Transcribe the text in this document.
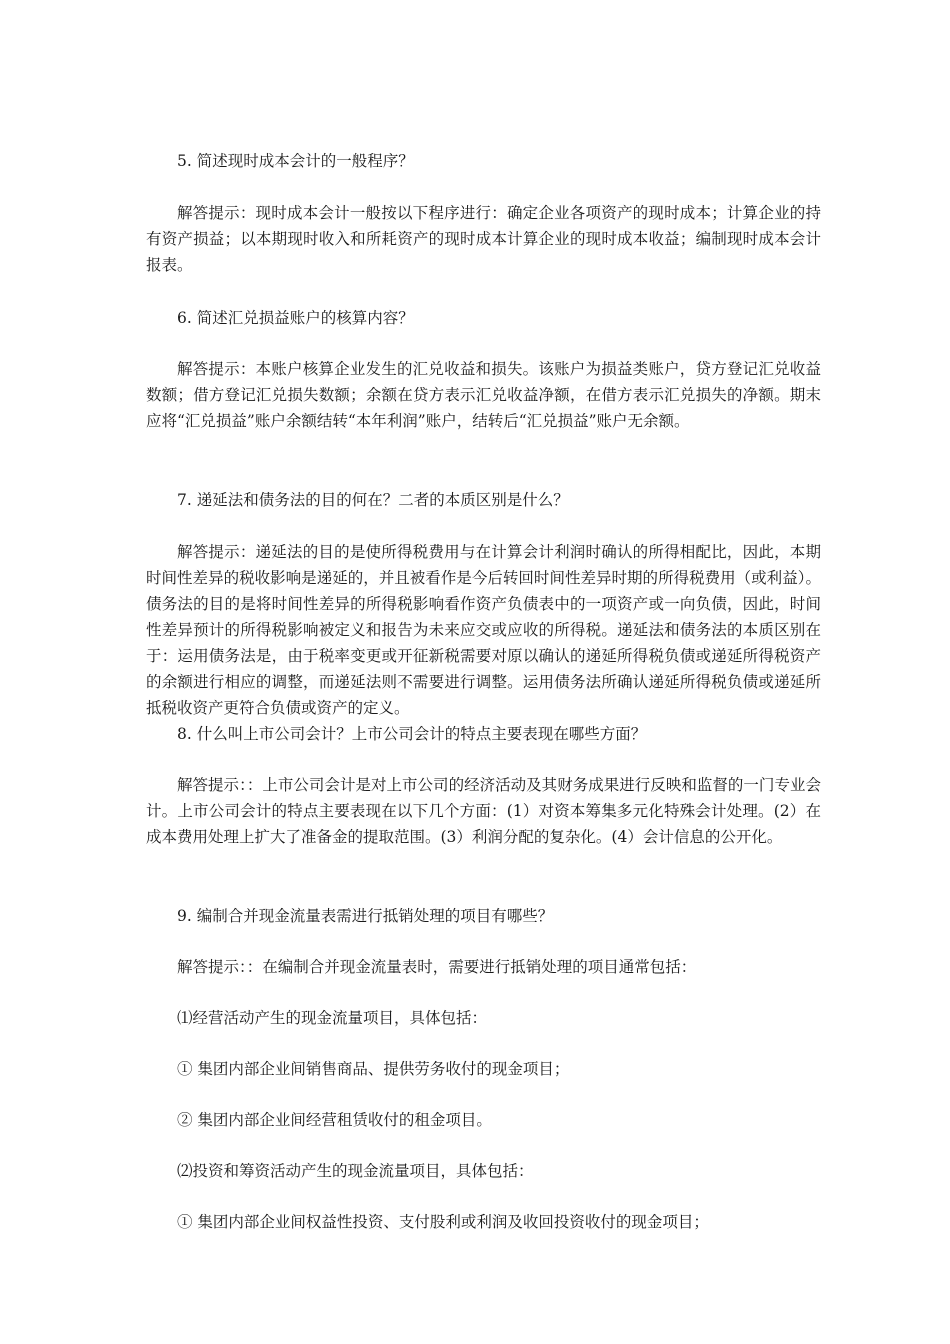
5. 简述现时成本会计的一般程序？

解答提示：现时成本会计一般按以下程序进行：确定企业各项资产的现时成本；计算企业的持有资产损益；以本期现时收入和所耗资产的现时成本计算企业的现时成本收益；编制现时成本会计报表。

6. 简述汇兑损益账户的核算内容？

解答提示：本账户核算企业发生的汇兑收益和损失。该账户为损益类账户，贷方登记汇兑收益数额；借方登记汇兑损失数额；余额在贷方表示汇兑收益净额，在借方表示汇兑损失的净额。期末应将“汇兑损益”账户余额结转“本年利润”账户，结转后“汇兑损益”账户无余额。

7. 递延法和债务法的目的何在？二者的本质区别是什么？

解答提示：递延法的目的是使所得税费用与在计算会计利润时确认的所得相配比，因此，本期时间性差异的税收影响是递延的，并且被看作是今后转回时间性差异时期的所得税费用（或利益）。债务法的目的是将时间性差异的所得税影响看作资产负债表中的一项资产或一向负债，因此，时间性差异预计的所得税影响被定义和报告为未来应交或应收的所得税。递延法和债务法的本质区别在于：运用债务法是，由于税率变更或开征新税需要对原以确认的递延所得税负债或递延所得税资产的余额进行相应的调整，而递延法则不需要进行调整。运用债务法所确认递延所得税负债或递延所抵税收资产更符合负债或资产的定义。

8. 什么叫上市公司会计？上市公司会计的特点主要表现在哪些方面？

解答提示：：上市公司会计是对上市公司的经济活动及其财务成果进行反映和监督的一门专业会计。上市公司会计的特点主要表现在以下几个方面：(1）对资本筹集多元化特殊会计处理。(2）在成本费用处理上扩大了准备金的提取范围。(3）利润分配的复杂化。(4）会计信息的公开化。

9. 编制合并现金流量表需进行抵销处理的项目有哪些？

解答提示：：在编制合并现金流量表时，需要进行抵销处理的项目通常包括：

⑴经营活动产生的现金流量项目，具体包括：

① 集团内部企业间销售商品、提供劳务收付的现金项目；

② 集团内部企业间经营租赁收付的租金项目。

⑵投资和筹资活动产生的现金流量项目，具体包括：

① 集团内部企业间权益性投资、支付股利或利润及收回投资收付的现金项目；
